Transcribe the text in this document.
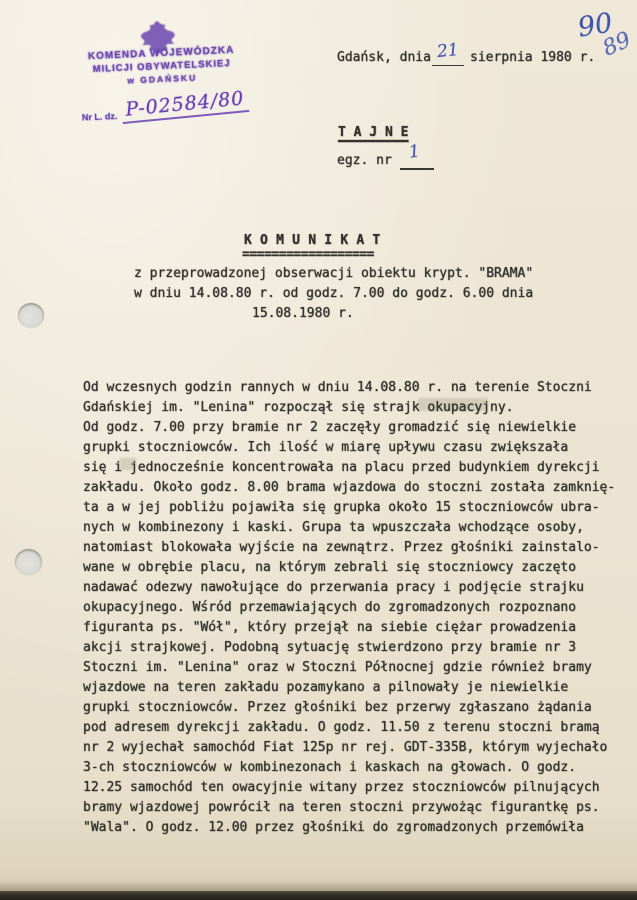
KOMENDA WOJEWÓDZKA
MILICJI OBYWATELSKIEJ
w GDAŃSKU
Nr L. dz. P-02584/80
90
89
Gdańsk, dnia 21 sierpnia 1980 r.
T A J N E
egz. nr 1
K O M U N I K A T
==================
z przeprowadzonej obserwacji obiektu krypt. "BRAMA"
w dniu 14.08.80 r. od godz. 7.00 do godz. 6.00 dnia
15.08.1980 r.
Od wczesnych godzin rannych w dniu 14.08.80 r. na terenie Stoczni
Gdańskiej im. "Lenina" rozpoczął się strajk okupacyjny.
Od godz. 7.00 przy bramie nr 2 zaczęły gromadzić się niewielkie
grupki stoczniowców. Ich ilość w miarę upływu czasu zwiększała
się i jednocześnie koncentrowała na placu przed budynkiem dyrekcji
zakładu. Około godz. 8.00 brama wjazdowa do stoczni została zamknię-
ta a w jej pobliżu pojawiła się grupka około 15 stoczniowców ubra-
nych w kombinezony i kaski. Grupa ta wpuszczała wchodzące osoby,
natomiast blokowała wyjście na zewnątrz. Przez głośniki zainstalo-
wane w obrębie placu, na którym zebrali się stoczniowcy zaczęto
nadawać odezwy nawołujące do przerwania pracy i podjęcie strajku
okupacyjnego. Wśród przemawiających do zgromadzonych rozpoznano
figuranta ps. "Wół", który przejął na siebie ciężar prowadzenia
akcji strajkowej. Podobną sytuację stwierdzono przy bramie nr 3
Stoczni im. "Lenina" oraz w Stoczni Północnej gdzie również bramy
wjazdowe na teren zakładu pozamykano a pilnowały je niewielkie
grupki stoczniowców. Przez głośniki bez przerwy zgłaszano żądania
pod adresem dyrekcji zakładu. O godz. 11.50 z terenu stoczni bramą
nr 2 wyjechał samochód Fiat 125p nr rej. GDT-335B, którym wyjechało
3-ch stoczniowców w kombinezonach i kaskach na głowach. O godz.
12.25 samochód ten owacyjnie witany przez stoczniowców pilnujących
bramy wjazdowej powrócił na teren stoczni przywożąc figurantkę ps.
"Wala". O godz. 12.00 przez głośniki do zgromadzonych przemówiła
